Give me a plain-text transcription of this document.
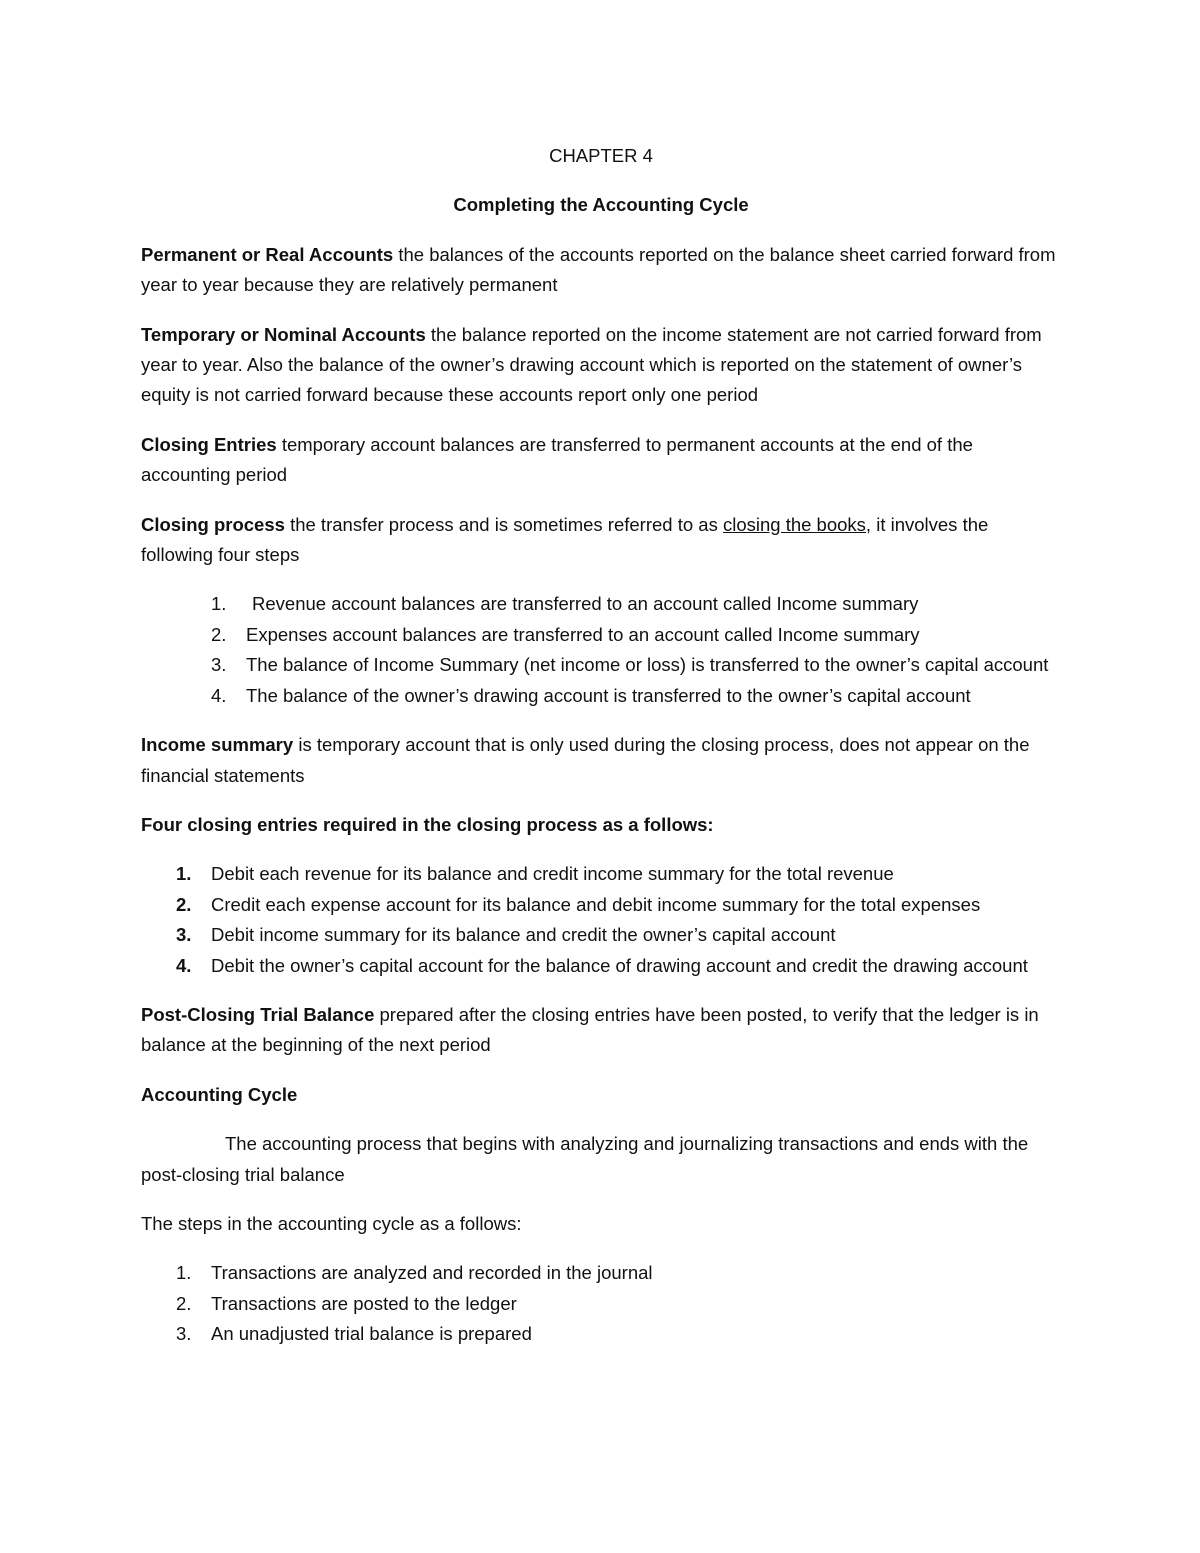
CHAPTER 4

Completing the Accounting Cycle

Permanent or Real Accounts the balances of the accounts reported on the balance sheet carried forward from year to year because they are relatively permanent

Temporary or Nominal Accounts the balance reported on the income statement are not carried forward from year to year. Also the balance of the owner’s drawing account which is reported on the statement of owner’s equity is not carried forward because these accounts report only one period

Closing Entries temporary account balances are transferred to permanent accounts at the end of the accounting period

Closing process the transfer process and is sometimes referred to as closing the books, it involves the following four steps

1. Revenue account balances are transferred to an account called Income summary
2. Expenses account balances are transferred to an account called Income summary
3. The balance of Income Summary (net income or loss) is transferred to the owner’s capital account
4. The balance of the owner’s drawing account is transferred to the owner’s capital account

Income summary is temporary account that is only used during the closing process, does not appear on the financial statements

Four closing entries required in the closing process as a follows:

1. Debit each revenue for its balance and credit income summary for the total revenue
2. Credit each expense account for its balance and debit income summary for the total expenses
3. Debit income summary for its balance and credit the owner’s capital account
4. Debit the owner’s capital account for the balance of drawing account and credit the drawing account

Post-Closing Trial Balance prepared after the closing entries have been posted, to verify that the ledger is in balance at the beginning of the next period

Accounting Cycle

The accounting process that begins with analyzing and journalizing transactions and ends with the post-closing trial balance

The steps in the accounting cycle as a follows:

1. Transactions are analyzed and recorded in the journal
2. Transactions are posted to the ledger
3. An unadjusted trial balance is prepared
